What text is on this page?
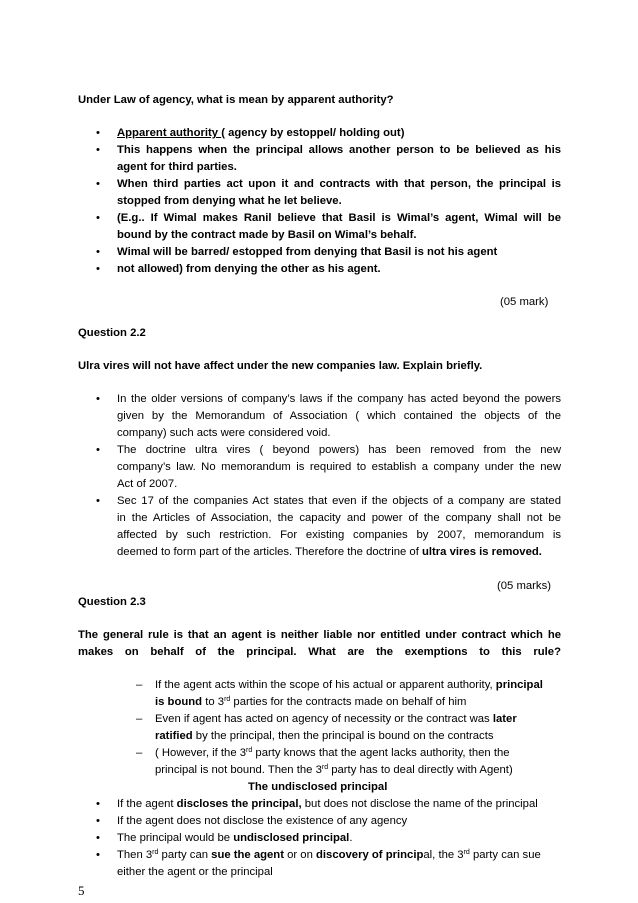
Under Law of agency, what is mean by apparent authority?
•	Apparent authority ( agency by estoppel/ holding out)
•	This happens when the principal allows another person to be believed as his
agent for third parties.
•	When third parties act upon it and contracts with that person, the principal is
stopped from denying what he let believe.
•	(E.g.. If Wimal makes Ranil believe that Basil is Wimal’s agent, Wimal will be
bound by the contract made by Basil on Wimal’s behalf.
•	Wimal will be barred/ estopped from denying that Basil is not his agent
•	not allowed) from denying the other as his agent.
(05 mark)
Question 2.2
Ulra vires will not have affect under the new companies law. Explain briefly.
•	In the older versions of company’s laws if the company has acted beyond the powers
given by the Memorandum of Association ( which contained the objects of the
company) such acts were considered void.
•	The doctrine ultra vires ( beyond powers) has been removed from the new
company’s law. No memorandum is required to establish a company under the new
Act of 2007.
•	Sec 17 of the companies Act states that even if the objects of a company are stated
in the Articles of Association, the capacity and power of the company shall not be
affected by such restriction. For existing companies by 2007, memorandum is
deemed to form part of the articles. Therefore the doctrine of ultra vires is removed.
(05 marks)
Question 2.3
The general rule is that an agent is neither liable nor entitled under contract which he
makes on behalf of the principal. What are the exemptions to this rule?
– If the agent acts within the scope of his actual or apparent authority, principal
is bound to 3rd parties for the contracts made on behalf of him
– Even if agent has acted on agency of necessity or the contract was later
ratified by the principal, then the principal is bound on the contracts
– ( However, if the 3rd party knows that the agent lacks authority, then the
principal is not bound. Then the 3rd party has to deal directly with Agent)
The undisclosed principal
•	If the agent discloses the principal, but does not disclose the name of the principal
•	If the agent does not disclose the existence of any agency
•	The principal would be undisclosed principal.
•	Then 3rd party can sue the agent or on discovery of principal, the 3rd party can sue
either the agent or the principal
5
